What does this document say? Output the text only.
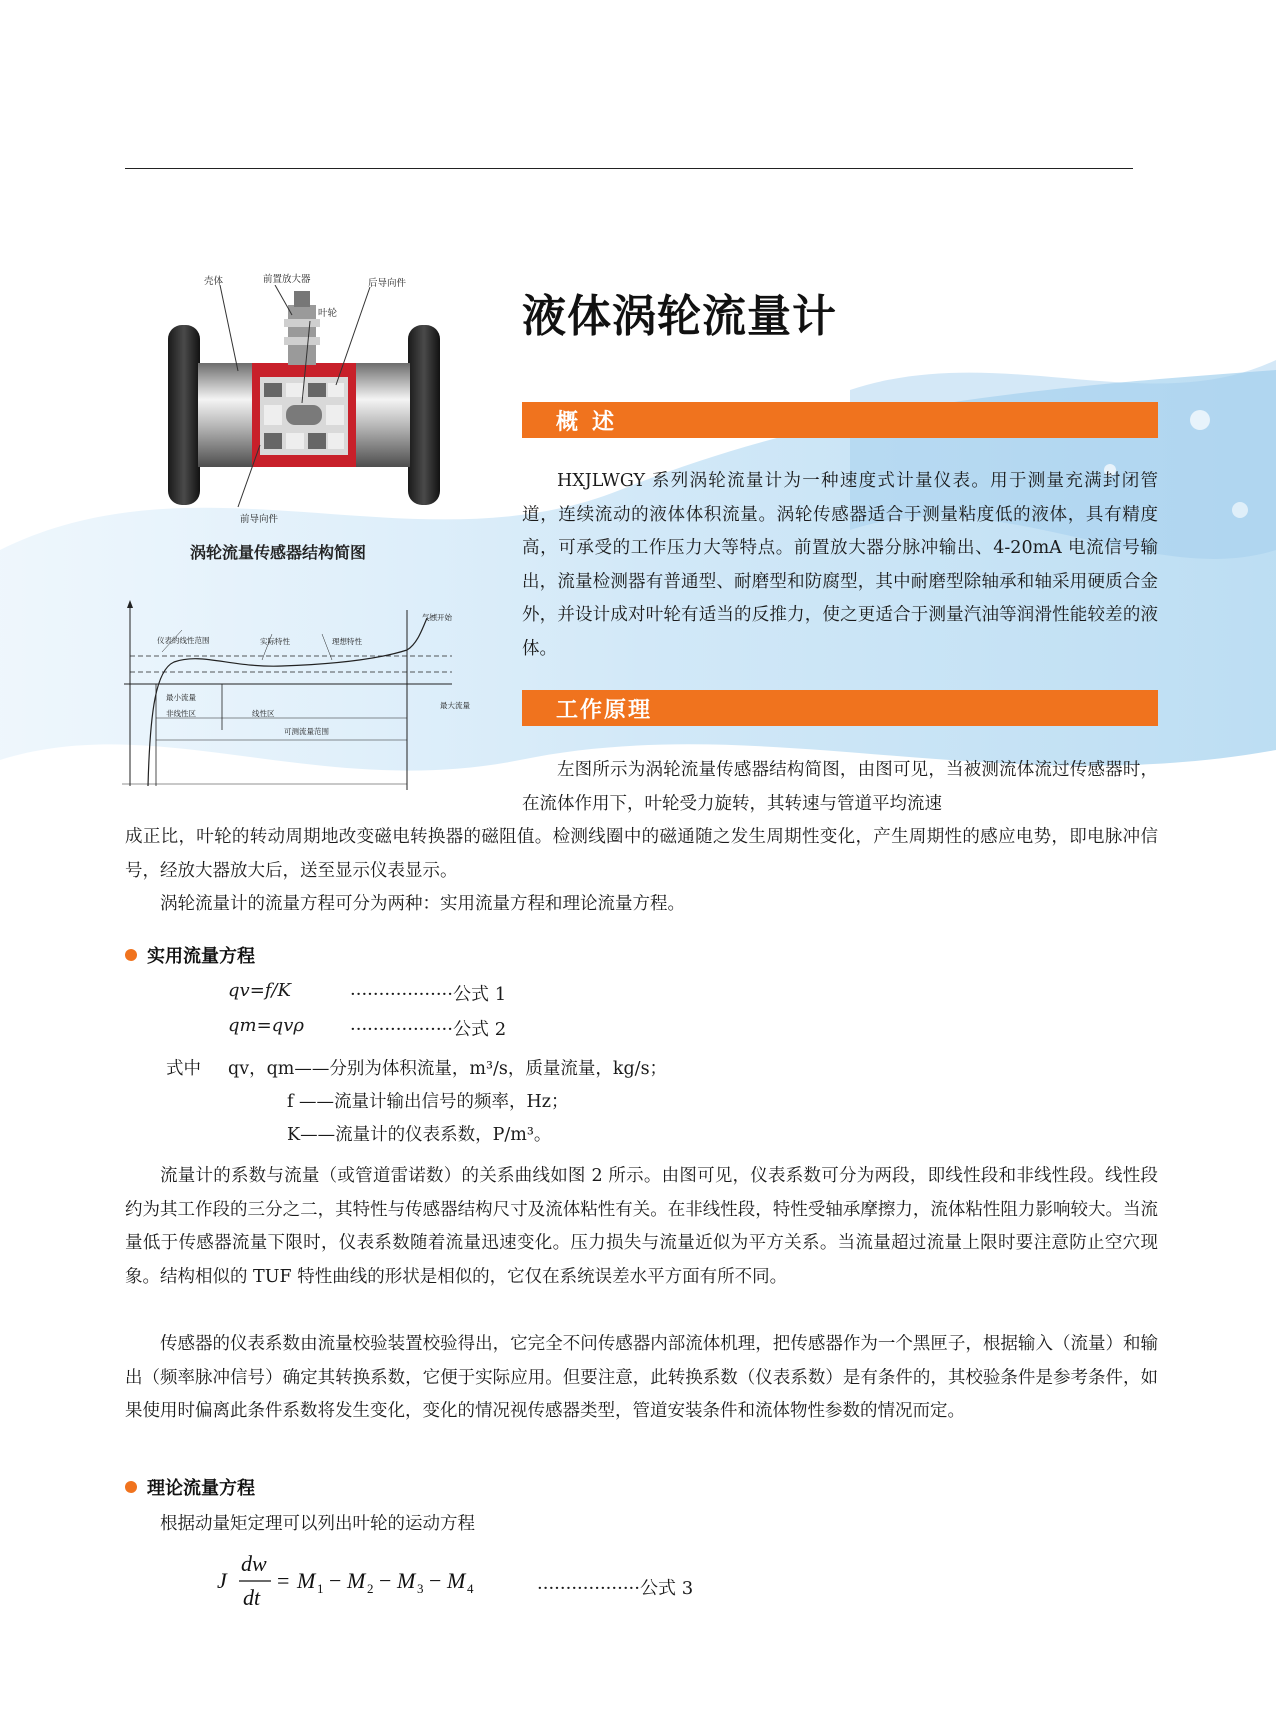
壳体	前置放大器	后导向件
叶轮
前导向件
涡轮流量传感器结构简图
气蚀开始
仪表的线性范围	实际特性	理想特性
最小流量
非线性区	线性区
最大流量
可测流量范围
液体涡轮流量计
概述
HXJLWGY 系列涡轮流量计为一种速度式计量仪表。用于测量充满封闭管道，连续流动的液体体积流量。涡轮传感器适合于测量粘度低的液体，具有精度高，可承受的工作压力大等特点。前置放大器分脉冲输出、4-20mA 电流信号输出，流量检测器有普通型、耐磨型和防腐型，其中耐磨型除轴承和轴采用硬质合金外，并设计成对叶轮有适当的反推力，使之更适合于测量汽油等润滑性能较差的液体。
工作原理
左图所示为涡轮流量传感器结构简图，由图可见，当被测流体流过传感器时，在流体作用下，叶轮受力旋转，其转速与管道平均流速
成正比，叶轮的转动周期地改变磁电转换器的磁阻值。检测线圈中的磁通随之发生周期性变化，产生周期性的感应电势，即电脉冲信号，经放大器放大后，送至显示仪表显示。
涡轮流量计的流量方程可分为两种：实用流量方程和理论流量方程。
实用流量方程
qv=f/K	··················公式 1
qm=qvρ	··················公式 2
式中 qv，qm——分别为体积流量，m³/s，质量流量，kg/s；
f ——流量计输出信号的频率，Hz；
K——流量计的仪表系数，P/m³。
流量计的系数与流量（或管道雷诺数）的关系曲线如图 2 所示。由图可见，仪表系数可分为两段，即线性段和非线性段。线性段约为其工作段的三分之二，其特性与传感器结构尺寸及流体粘性有关。在非线性段，特性受轴承摩擦力，流体粘性阻力影响较大。当流量低于传感器流量下限时，仪表系数随着流量迅速变化。压力损失与流量近似为平方关系。当流量超过流量上限时要注意防止空穴现象。结构相似的 TUF 特性曲线的形状是相似的，它仅在系统误差水平方面有所不同。
传感器的仪表系数由流量校验装置校验得出，它完全不问传感器内部流体机理，把传感器作为一个黑匣子，根据输入（流量）和输出（频率脉冲信号）确定其转换系数，它便于实际应用。但要注意，此转换系数（仪表系数）是有条件的，其校验条件是参考条件，如果使用时偏离此条件系数将发生变化，变化的情况视传感器类型，管道安装条件和流体物性参数的情况而定。
理论流量方程
根据动量矩定理可以列出叶轮的运动方程
J
dw
dt
= M 1 − M 2 − M 3 − M 4	··················公式 3
